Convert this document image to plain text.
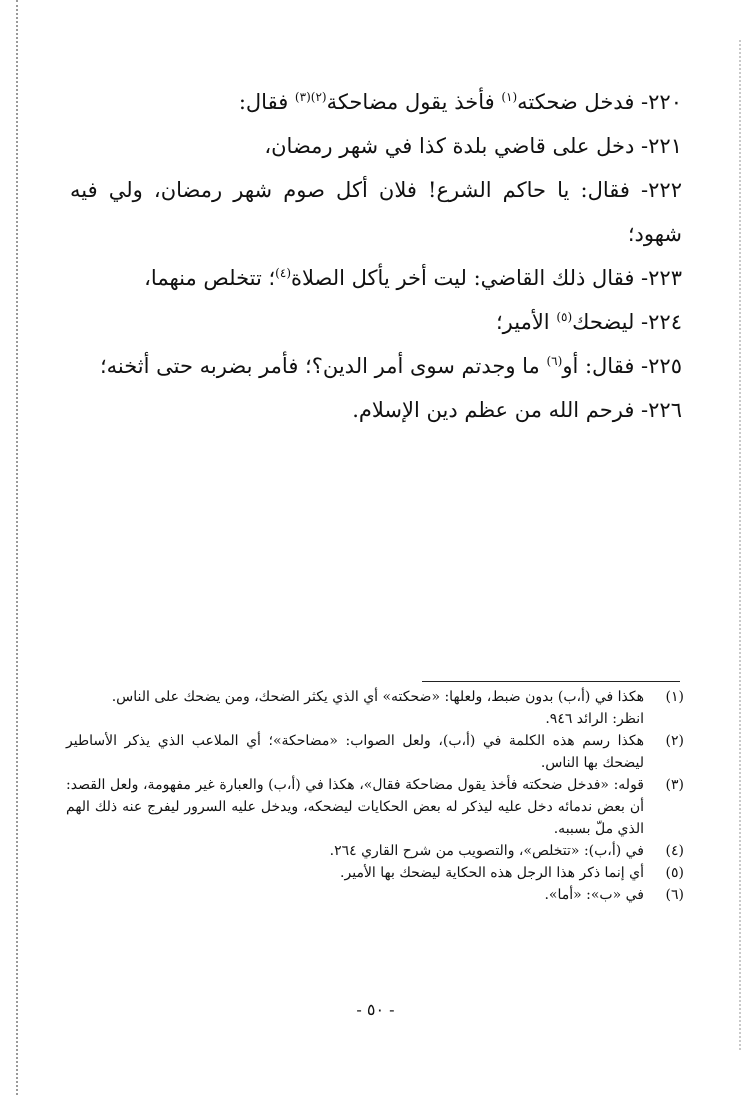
٢٢٠- فدخل ضحكته$^{(١)}$ فأخذ يقول مضاحكة$^{(٢)(٣)}$ فقال:

٢٢١- دخل على قاضي بلدة كذا في شهر رمضان،

٢٢٢- فقال: يا حاكم الشرع! فلان أكل صوم شهر رمضان، ولي فيه شهود؛

٢٢٣- فقال ذلك القاضي: ليت أخر يأكل الصلاة$^{(٤)}$؛ تتخلص منهما،

٢٢٤- ليضحك$^{(٥)}$ الأمير؛

٢٢٥- فقال: أو$^{(٦)}$ ما وجدتم سوى أمر الدين؟؛ فأمر بضربه حتى أثخنه؛

٢٢٦- فرحم الله من عظم دين الإسلام.

(١)
هكذا في (أ،ب) بدون ضبط، ولعلها: «ضحكته» أي الذي يكثر الضحك، ومن يضحك على الناس.
انظر: الرائد ٩٤٦.
(٢)
هكذا رسم هذه الكلمة في (أ،ب)، ولعل الصواب: «مضاحكة»؛ أي الملاعب الذي يذكر الأساطير ليضحك بها الناس.
(٣)
قوله: «فدخل ضحكته فأخذ يقول مضاحكة فقال»، هكذا في (أ،ب) والعبارة غير مفهومة، ولعل القصد: أن بعض ندمائه دخل عليه ليذكر له بعض الحكايات ليضحكه، ويدخل عليه السرور ليفرج عنه ذلك الهم الذي ملّ بسببه.
(٤)
في (أ،ب): «تتخلص»، والتصويب من شرح القاري ٢٦٤.
(٥)
أي إنما ذكر هذا الرجل هذه الحكاية ليضحك بها الأمير.
(٦)
في «ب»: «أما».
- ٥٠ -
